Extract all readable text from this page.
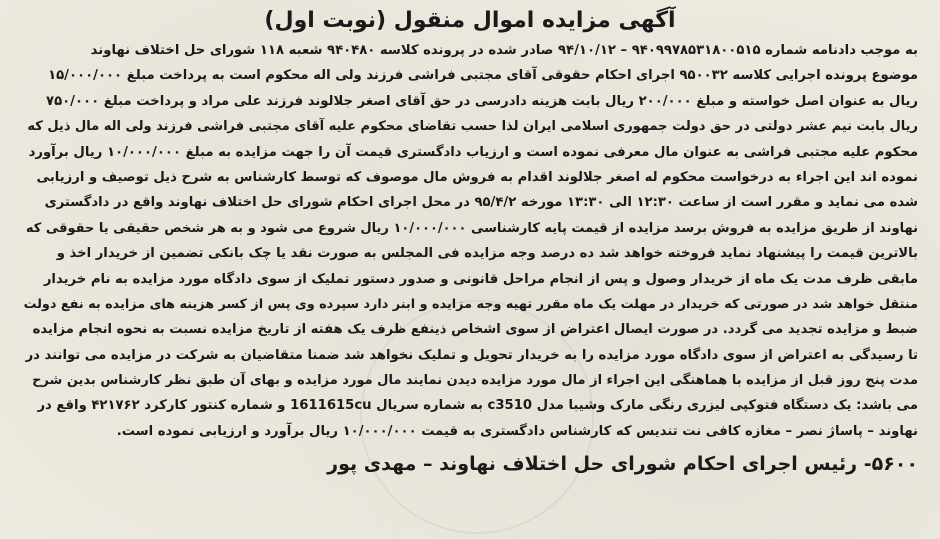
آگهی مزایده اموال منقول (نوبت اول)
به موجب دادنامه شماره ۹۴۰۹۹۷۸۵۳۱۸۰۰۵۱۵ – ۹۴/۱۰/۱۲ صادر شده در پرونده کلاسه ۹۴۰۴۸۰ شعبه ۱۱۸ شورای حل اختلاف نهاوند
موضوع پرونده اجرایی کلاسه ۹۵۰۰۳۲ اجرای احکام حقوقی آقای مجتبی فراشی فرزند ولی اله محکوم است به پرداخت مبلغ ۱۵/۰۰۰/۰۰۰
ریال به عنوان اصل خواسته و مبلغ ۲۰۰/۰۰۰ ریال بابت هزینه دادرسی در حق آقای اصغر جلالوند فرزند علی مراد و پرداخت مبلغ ۷۵۰/۰۰۰
ریال بابت نیم عشر دولتی در حق دولت جمهوری اسلامی ایران لذا حسب تقاضای محکوم علیه آقای مجتبی فراشی فرزند ولی اله مال ذیل که
محکوم علیه مجتبی فراشی به عنوان مال معرفی نموده است و ارزیاب دادگستری قیمت آن را جهت مزایده به مبلغ ۱۰/۰۰۰/۰۰۰ ریال برآورد
نموده اند این اجراء به درخواست محکوم له اصغر جلالوند اقدام به فروش مال موصوف که توسط کارشناس به شرح ذیل توصیف و ارزیابی
شده می نماید و مقرر است از ساعت ۱۲:۳۰ الی ۱۳:۳۰ مورخه ۹۵/۴/۲ در محل اجرای احکام شورای حل اختلاف نهاوند واقع در دادگستری
نهاوند از طریق مزایده به فروش برسد مزایده از قیمت پایه کارشناسی ۱۰/۰۰۰/۰۰۰ ریال شروع می شود و به هر شخص حقیقی یا حقوقی که
بالاترین قیمت را پیشنهاد نماید فروخته خواهد شد ده درصد وجه مزایده فی المجلس به صورت نقد یا چک بانکی تضمین از خریدار اخذ و
مابقی ظرف مدت یک ماه از خریدار وصول و پس از انجام مراحل قانونی و صدور دستور تملیک از سوی دادگاه مورد مزایده به نام خریدار
منتقل خواهد شد در صورتی که خریدار در مهلت یک ماه مقرر تهیه وجه مزایده و ابنر دارد سپرده وی پس از کسر هزینه های مزایده به نفع دولت
ضبط و مزایده تجدید می گردد. در صورت ایصال اعتراض از سوی اشخاص ذینفع ظرف یک هفته از تاریخ مزایده نسبت به نحوه انجام مزایده
تا رسیدگی به اعتراض از سوی دادگاه مورد مزایده را به خریدار تحویل و تملیک نخواهد شد ضمنا متقاضیان به شرکت در مزایده می توانند در
مدت پنج روز قبل از مزایده با هماهنگی این اجراء از مال مورد مزایده دیدن نمایند مال مورد مزایده و بهای آن طبق نظر کارشناس بدین شرح
می باشد: یک دستگاه فتوکپی لیزری رنگی مارک وشیبا مدل c3510 به شماره سریال 1611615cu و شماره کنتور کارکرد ۴۲۱۷۶۲ واقع در
نهاوند – پاساژ نصر – مغازه کافی نت تندیس که کارشناس دادگستری به قیمت ۱۰/۰۰۰/۰۰۰ ریال برآورد و ارزیابی نموده است.
۵۶۰۰- رئیس اجرای احکام شورای حل اختلاف نهاوند – مهدی پور
